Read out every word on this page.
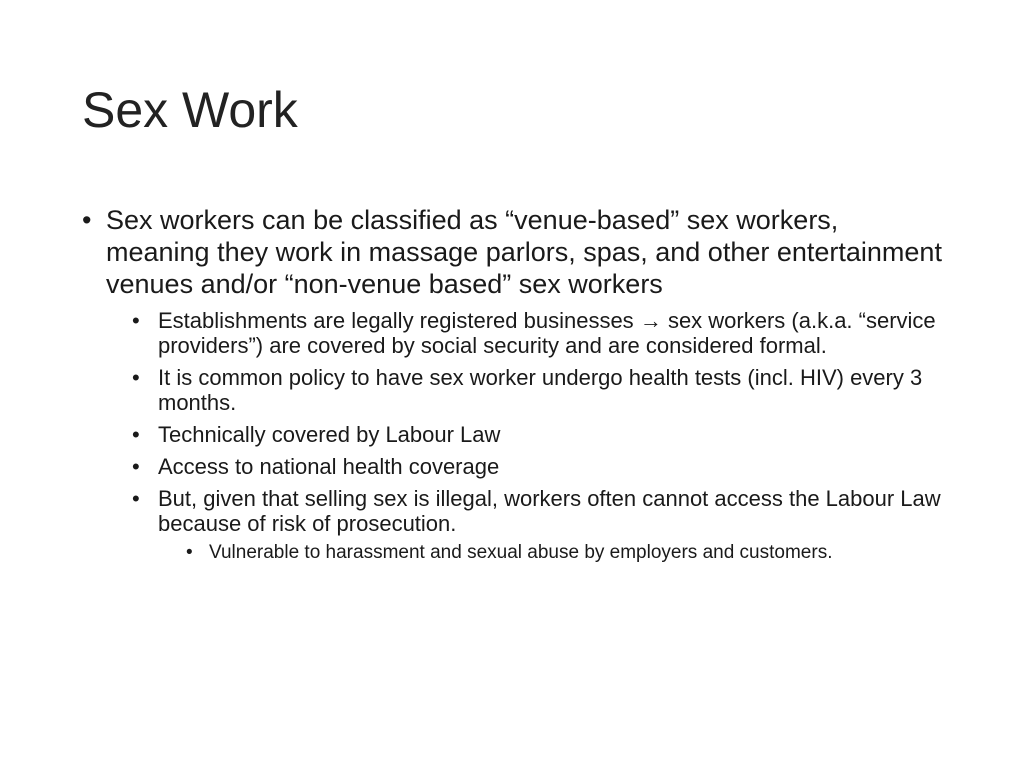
Sex Work
• Sex workers can be classified as “venue-based” sex workers, meaning they work in massage parlors, spas, and other entertainment venues and/or “non-venue based” sex workers
• Establishments are legally registered businesses → sex workers (a.k.a. “service providers”) are covered by social security and are considered formal.
• It is common policy to have sex worker undergo health tests (incl. HIV) every 3 months.
• Technically covered by Labour Law
• Access to national health coverage
• But, given that selling sex is illegal, workers often cannot access the Labour Law because of risk of prosecution.
• Vulnerable to harassment and sexual abuse by employers and customers.
